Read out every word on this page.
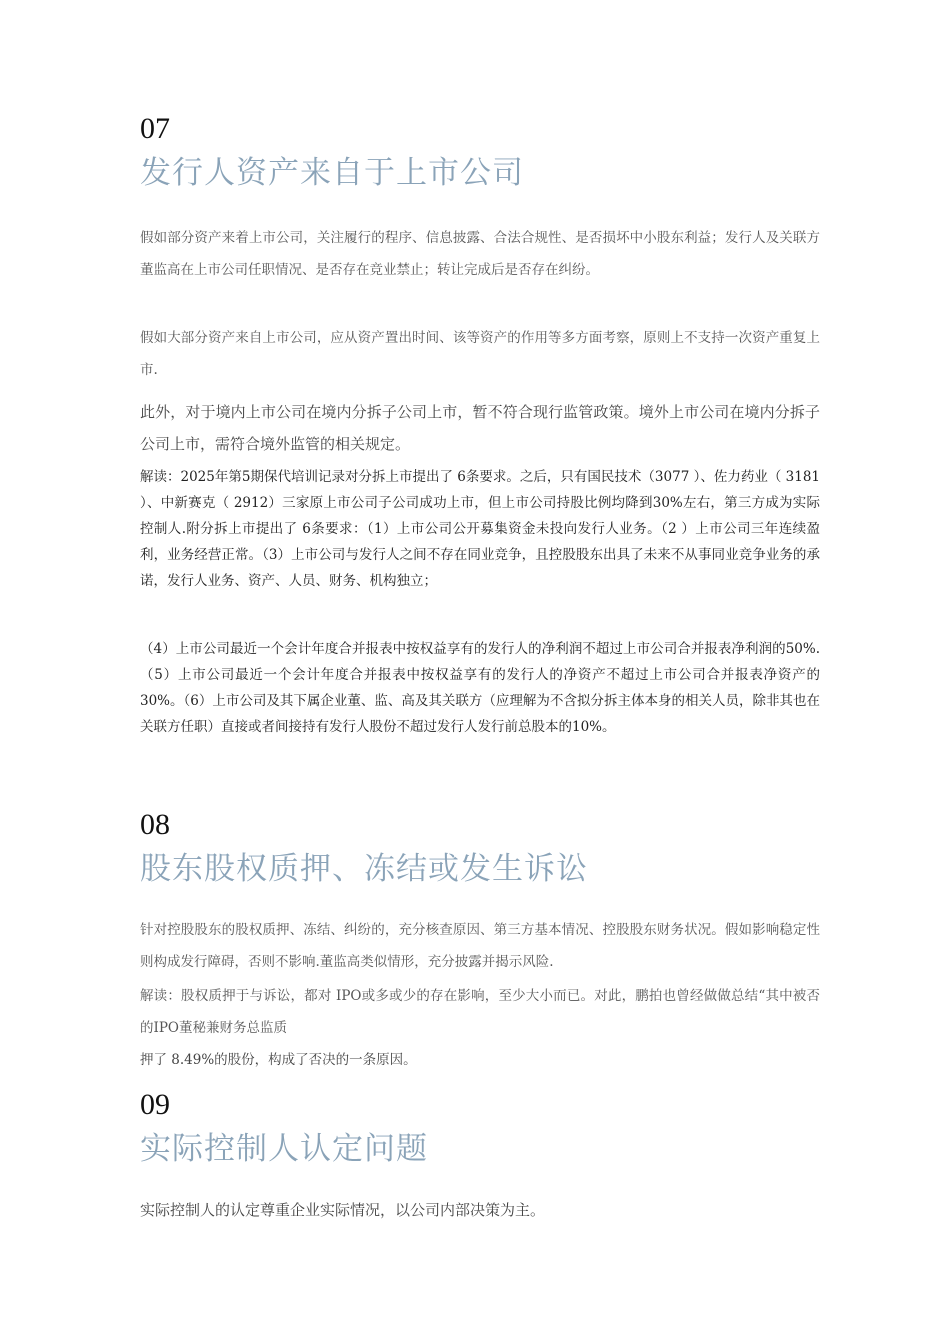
07
发行人资产来自于上市公司

假如部分资产来着上市公司，关注履行的程序、信息披露、合法合规性、是否损坏中小股东利益；发行人及关联方董监高在上市公司任职情况、是否存在竞业禁止；转让完成后是否存在纠纷。

假如大部分资产来自上市公司，应从资产置出时间、该等资产的作用等多方面考察，原则上不支持一次资产重复上市.

此外，对于境内上市公司在境内分拆子公司上市，暂不符合现行监管政策。境外上市公司在境内分拆子公司上市，需符合境外监管的相关规定。

解读：2025年第5期保代培训记录对分拆上市提出了 6条要求。之后，只有国民技术（3077 ）、佐力药业（ 3181 ）、中新赛克（ 2912）三家原上市公司子公司成功上市，但上市公司持股比例均降到30%左右，第三方成为实际控制人.附分拆上市提出了 6条要求：（1）上市公司公开募集资金未投向发行人业务。（2 ）上市公司三年连续盈利，业务经营正常。（3）上市公司与发行人之间不存在同业竞争，且控股股东出具了未来不从事同业竞争业务的承诺，发行人业务、资产、人员、财务、机构独立；

（4）上市公司最近一个会计年度合并报表中按权益享有的发行人的净利润不超过上市公司合并报表净利润的50%. （5）上市公司最近一个会计年度合并报表中按权益享有的发行人的净资产不超过上市公司合并报表净资产的30%。（6）上市公司及其下属企业董、监、高及其关联方（应理解为不含拟分拆主体本身的相关人员，除非其也在关联方任职）直接或者间接持有发行人股份不超过发行人发行前总股本的10%。

08
股东股权质押、冻结或发生诉讼

针对控股股东的股权质押、冻结、纠纷的，充分核查原因、第三方基本情况、控股股东财务状况。假如影响稳定性则构成发行障碍，否则不影响.董监高类似情形，充分披露并揭示风险.

解读：股权质押于与诉讼，都对 IPO或多或少的存在影响，至少大小而已。对此，鹏拍也曾经做做总结“其中被否的IPO董秘兼财务总监质

押了 8.49%的股份，构成了否决的一条原因。

09
实际控制人认定问题

实际控制人的认定尊重企业实际情况，以公司内部决策为主。
